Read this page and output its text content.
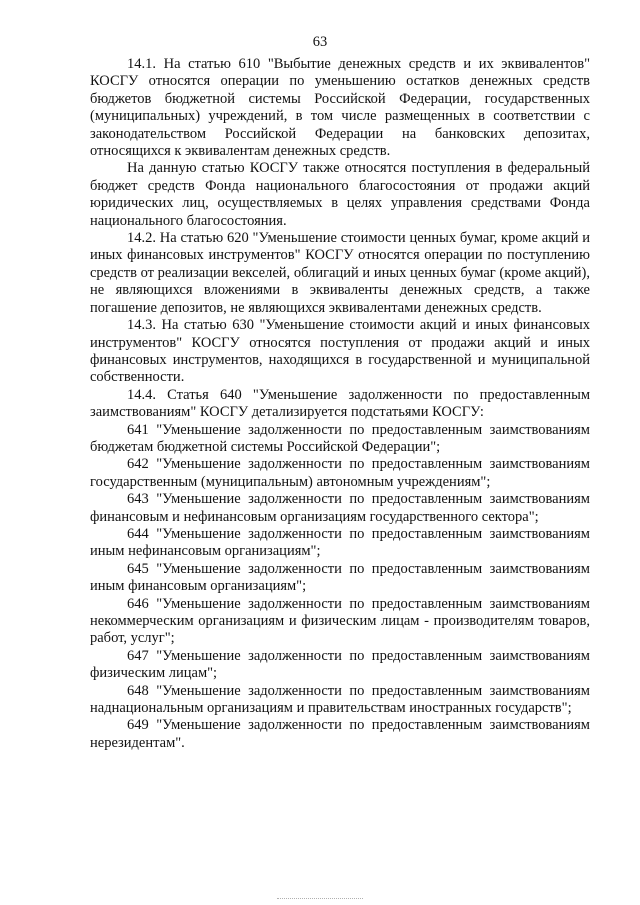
63

14.1. На статью 610 "Выбытие денежных средств и их эквивалентов" КОСГУ относятся операции по уменьшению остатков денежных средств бюджетов бюджетной системы Российской Федерации, государственных (муниципальных) учреждений, в том числе размещенных в соответствии с законодательством Российской Федерации на банковских депозитах, относящихся к эквивалентам денежных средств.

На данную статью КОСГУ также относятся поступления в федеральный бюджет средств Фонда национального благосостояния от продажи акций юридических лиц, осуществляемых в целях управления средствами Фонда национального благосостояния.

14.2. На статью 620 "Уменьшение стоимости ценных бумаг, кроме акций и иных финансовых инструментов" КОСГУ относятся операции по поступлению средств от реализации векселей, облигаций и иных ценных бумаг (кроме акций), не являющихся вложениями в эквиваленты денежных средств, а также погашение депозитов, не являющихся эквивалентами денежных средств.

14.3. На статью 630 "Уменьшение стоимости акций и иных финансовых инструментов" КОСГУ относятся поступления от продажи акций и иных финансовых инструментов, находящихся в государственной и муниципальной собственности.

14.4. Статья 640 "Уменьшение задолженности по предоставленным заимствованиям" КОСГУ детализируется подстатьями КОСГУ:

641 "Уменьшение задолженности по предоставленным заимствованиям бюджетам бюджетной системы Российской Федерации";

642 "Уменьшение задолженности по предоставленным заимствованиям государственным (муниципальным) автономным учреждениям";

643 "Уменьшение задолженности по предоставленным заимствованиям финансовым и нефинансовым организациям государственного сектора";

644 "Уменьшение задолженности по предоставленным заимствованиям иным нефинансовым организациям";

645 "Уменьшение задолженности по предоставленным заимствованиям иным финансовым организациям";

646 "Уменьшение задолженности по предоставленным заимствованиям некоммерческим организациям и физическим лицам - производителям товаров, работ, услуг";

647 "Уменьшение задолженности по предоставленным заимствованиям физическим лицам";

648 "Уменьшение задолженности по предоставленным заимствованиям наднациональным организациям и правительствам иностранных государств";

649 "Уменьшение задолженности по предоставленным заимствованиям нерезидентам".
